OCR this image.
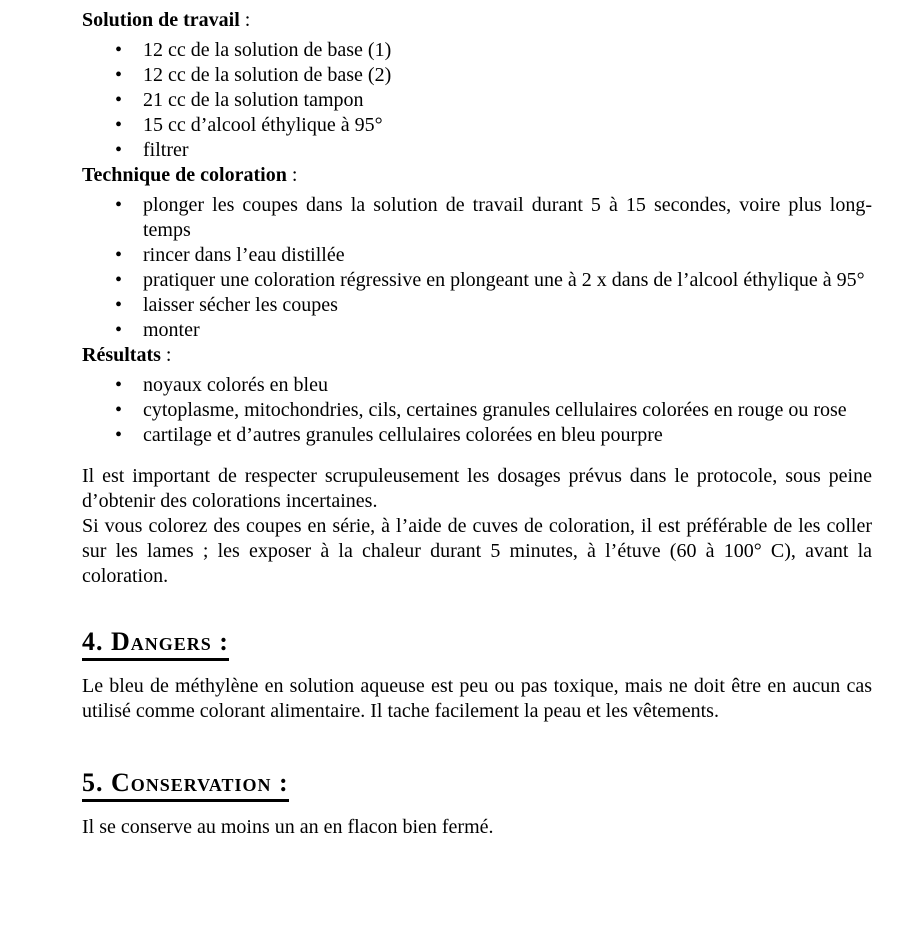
Solution de travail :
• 12 cc de la solution de base (1)
• 12 cc de la solution de base (2)
• 21 cc de la solution tampon
• 15 cc d’alcool éthylique à 95°
• filtrer
Technique de coloration :
• plonger les coupes dans la solution de travail durant 5 à 15 secondes, voire plus long-temps
• rincer dans l’eau distillée
• pratiquer une coloration régressive en plongeant une à 2 x dans de l’alcool éthylique à 95°
• laisser sécher les coupes
• monter
Résultats :
• noyaux colorés en bleu
• cytoplasme, mitochondries, cils, certaines granules cellulaires colorées en rouge ou rose
• cartilage et d’autres granules cellulaires colorées en bleu pourpre

Il est important de respecter scrupuleusement les dosages prévus dans le protocole, sous peine d’obtenir des colorations incertaines.

Si vous colorez des coupes en série, à l’aide de cuves de coloration, il est préférable de les coller sur les lames ; les exposer à la chaleur durant 5 minutes, à l’étuve (60 à 100° C), avant la coloration.

4. Dangers :

Le bleu de méthylène en solution aqueuse est peu ou pas toxique, mais ne doit être en aucun cas utilisé comme colorant alimentaire. Il tache facilement la peau et les vêtements.

5. Conservation :

Il se conserve au moins un an en flacon bien fermé.
